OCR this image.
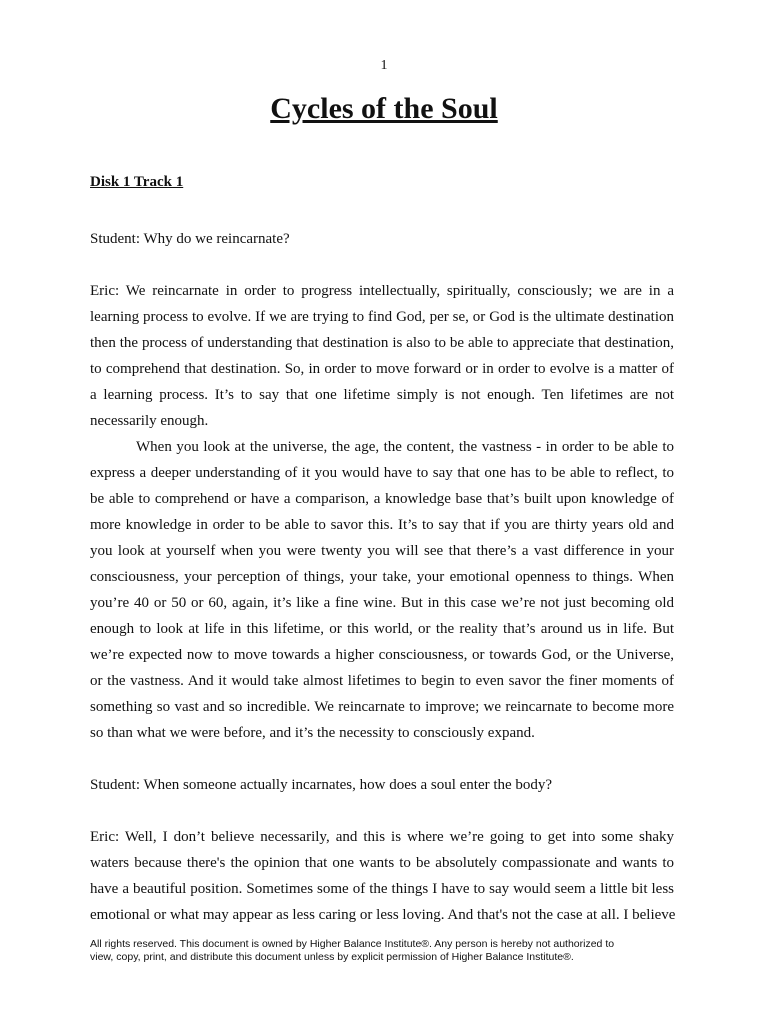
1
Cycles of the Soul
Disk 1 Track 1
Student: Why do we reincarnate?
Eric: We reincarnate in order to progress intellectually, spiritually, consciously; we are in a
learning process to evolve. If we are trying to find God, per se, or God is the ultimate destination
then the process of understanding that destination is also to be able to appreciate that destination,
to comprehend that destination. So, in order to move forward or in order to evolve is a matter of
a learning process. It’s to say that one lifetime simply is not enough. Ten lifetimes are not
necessarily enough.
When you look at the universe, the age, the content, the vastness - in order to be able to
express a deeper understanding of it you would have to say that one has to be able to reflect, to
be able to comprehend or have a comparison, a knowledge base that’s built upon knowledge of
more knowledge in order to be able to savor this. It’s to say that if you are thirty years old and
you look at yourself when you were twenty you will see that there’s a vast difference in your
consciousness, your perception of things, your take, your emotional openness to things. When
you’re 40 or 50 or 60, again, it’s like a fine wine. But in this case we’re not just becoming old
enough to look at life in this lifetime, or this world, or the reality that’s around us in life. But
we’re expected now to move towards a higher consciousness, or towards God, or the Universe,
or the vastness. And it would take almost lifetimes to begin to even savor the finer moments of
something so vast and so incredible. We reincarnate to improve; we reincarnate to become more
so than what we were before, and it’s the necessity to consciously expand.
Student: When someone actually incarnates, how does a soul enter the body?
Eric: Well, I don’t believe necessarily, and this is where we’re going to get into some shaky
waters because there's the opinion that one wants to be absolutely compassionate and wants to
have a beautiful position. Sometimes some of the things I have to say would seem a little bit less
emotional or what may appear as less caring or less loving. And that's not the case at all. I believe
All rights reserved. This document is owned by Higher Balance Institute®. Any person is hereby not authorized to
view, copy, print, and distribute this document unless by explicit permission of Higher Balance Institute®.
